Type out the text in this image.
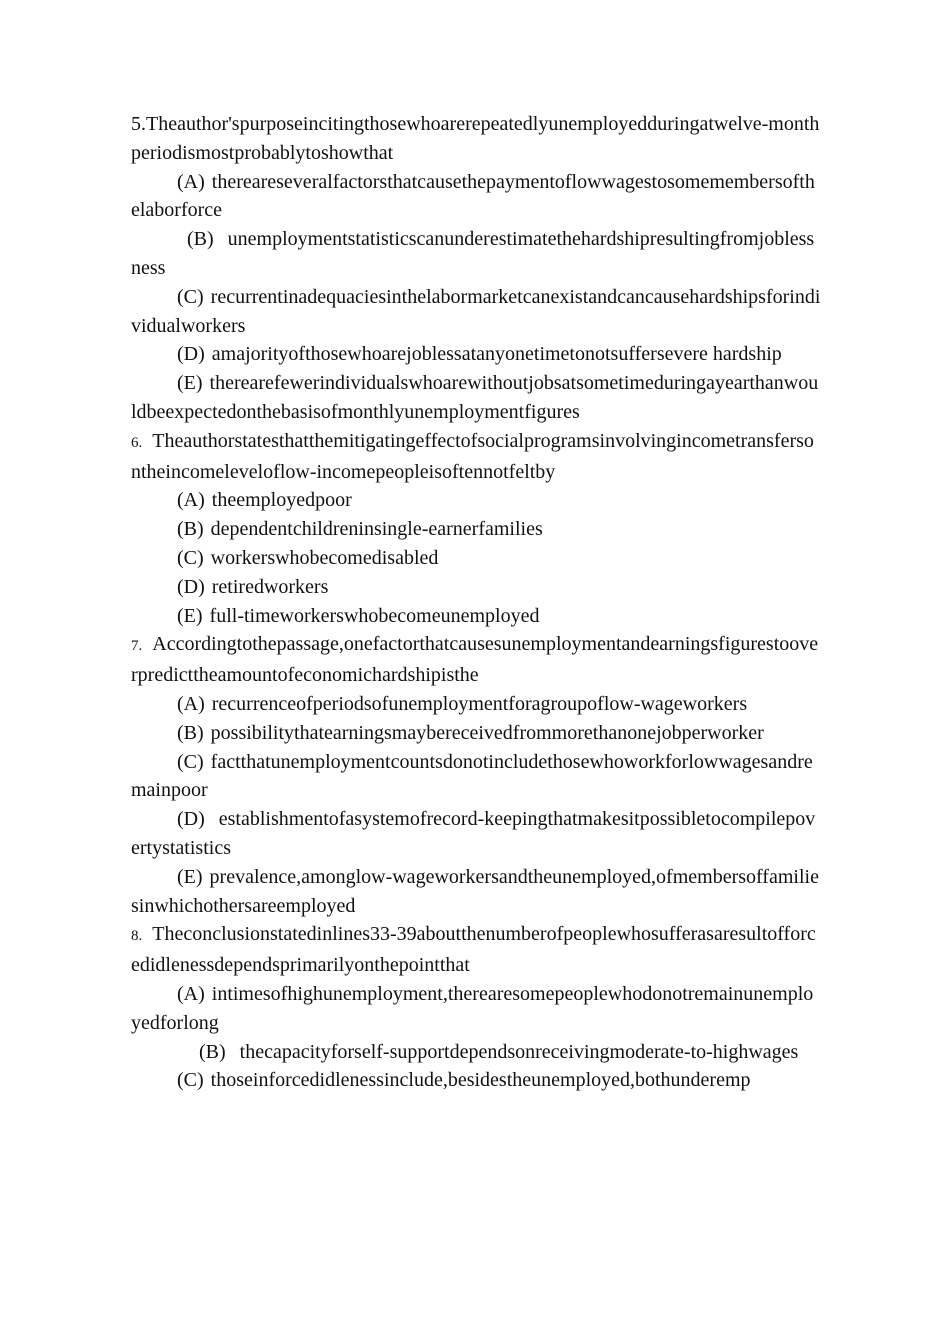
5.Theauthor'spurposeincitingthosewhoarerepeatedlyunemployedduringatwelve-monthperiodismostprobablytoshowthat

(A) thereareseveralfactorsthatcausethepaymentoflowwagestosomemembersofthelaborforce

(B) unemploymentstatisticscanunderestimatethehardshipresultingfromjoblessness

(C) recurrentinadequaciesinthelabormarketcanexistandcancausehardshipsforindividualworkers

(D) amajorityofthosewhoarejoblessatanyonetimetonotsuffersevere hardship

(E) therearefewerindividualswhoarewithoutjobsatsometimeduringayearthanwouldbeexpectedonthebasisofmonthlyunemploymentfigures

6. Theauthorstatesthatthemitigatingeffectofsocialprogramsinvolvingincometransfersontheincomeleveloflow-incomepeopleisoftennotfeltby

(A) theemployedpoor

(B) dependentchildreninsingle-earnerfamilies

(C) workerswhobecomedisabled

(D) retiredworkers

(E) full-timeworkerswhobecomeunemployed

7. Accordingtothepassage,onefactorthatcausesunemploymentandearningsfigurestooverpredicttheamountofeconomichardshipisthe

(A) recurrenceofperiodsofunemploymentforagroupoflow-wageworkers

(B) possibilitythatearningsmaybereceivedfrommorethanonejobperworker

(C) factthatunemploymentcountsdonotincludethosewhoworkforlowwagesandremainpoor

(D) establishmentofasystemofrecord-keepingthatmakesitpossibletocompilepovertystatistics

(E) prevalence,amonglow-wageworkersandtheunemployed,ofmembersoffamiliesinwhichothersareemployed

8. Theconclusionstatedinlines33-39aboutthenumberofpeoplewhosufferasaresultofforcedidlenessdependsprimarilyonthepointthat

(A) intimesofhighunemployment,therearesomepeoplewhodonotremainunemployedforlong

(B) thecapacityforself-supportdependsonreceivingmoderate-to-highwages

(C) thoseinforcedidlenessinclude,besidestheunemployed,bothunderemp
